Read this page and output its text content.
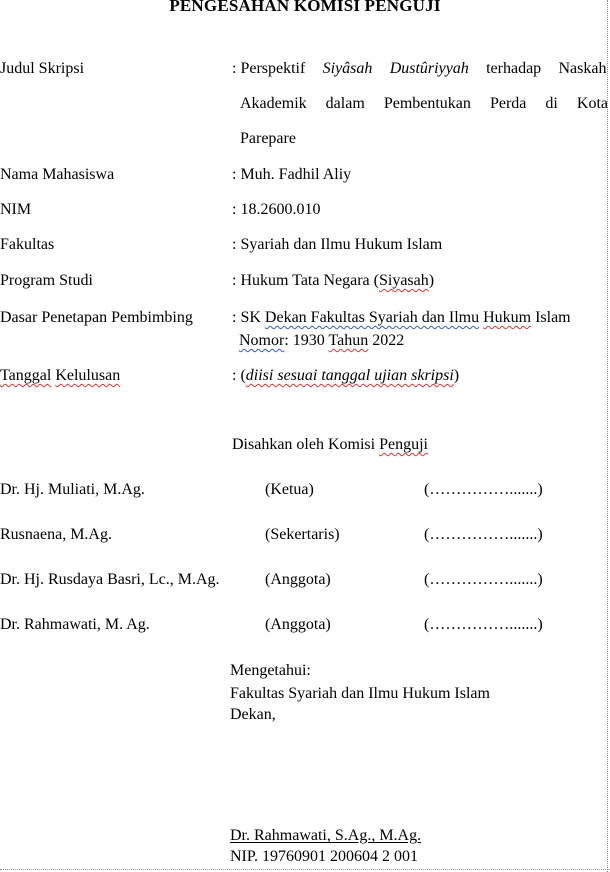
PENGESAHAN KOMISI PENGUJI
Judul Skripsi	: Perspektif Siyâsah Dustûriyyah terhadap Naskah
Akademik dalam Pembentukan Perda di Kota
Parepare
Nama Mahasiswa	: Muh. Fadhil Aliy
NIM	: 18.2600.010
Fakultas	: Syariah dan Ilmu Hukum Islam
Program Studi	: Hukum Tata Negara (Siyasah)
Dasar Penetapan Pembimbing : SK Dekan Fakultas Syariah dan Ilmu Hukum Islam
Nomor: 1930 Tahun 2022
Tanggal Kelulusan	: (diisi sesuai tanggal ujian skripsi)
Disahkan oleh Komisi Penguji
Dr. Hj. Muliati, M.Ag.	(Ketua)	(…………….......)
Rusnaena, M.Ag.	(Sekertaris)	(…………….......)
Dr. Hj. Rusdaya Basri, Lc., M.Ag.	(Anggota)	(…………….......)
Dr. Rahmawati, M. Ag.	(Anggota)	(…………….......)
Mengetahui:
Fakultas Syariah dan Ilmu Hukum Islam
Dekan,
Dr. Rahmawati, S.Ag., M.Ag.
NIP. 19760901 200604 2 001
